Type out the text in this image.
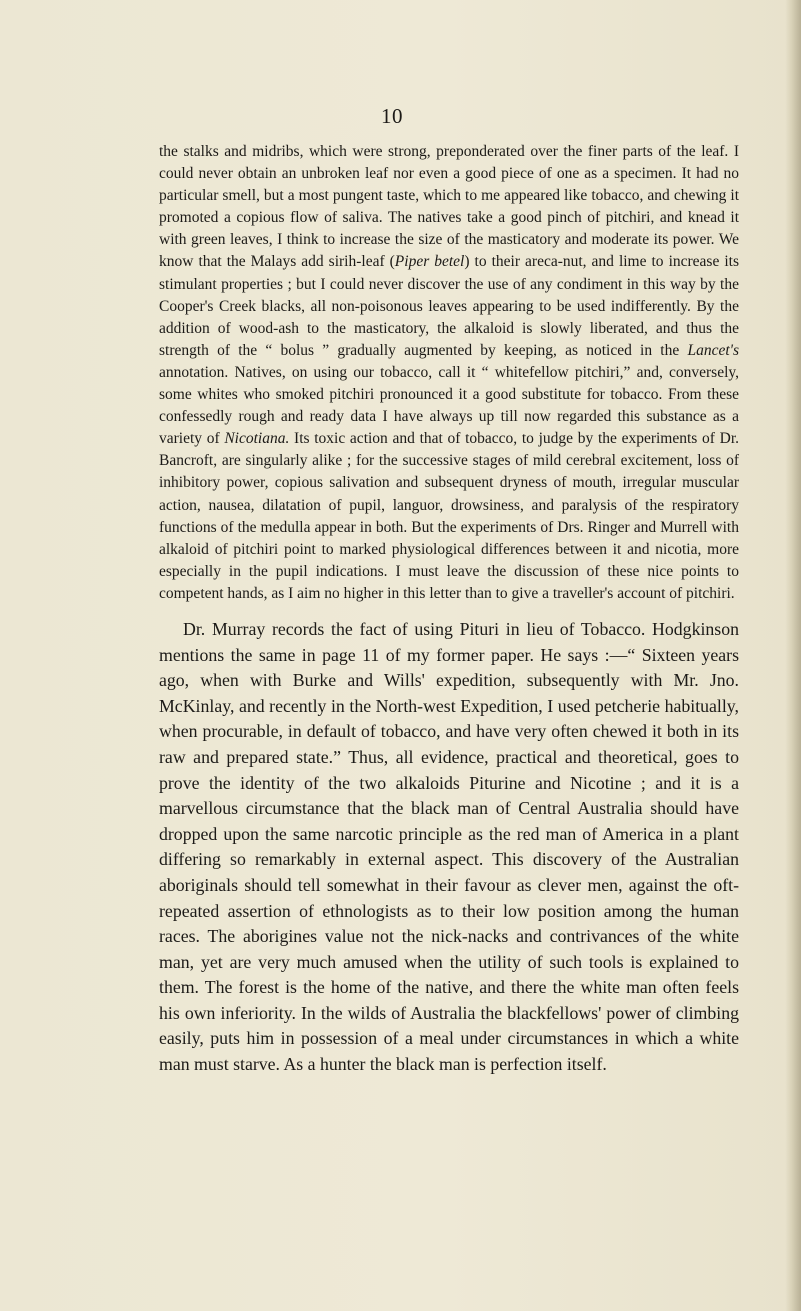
10

the stalks and midribs, which were strong, preponderated over the finer parts of the leaf. I could never obtain an unbroken leaf nor even a good piece of one as a specimen. It had no particular smell, but a most pungent taste, which to me appeared like tobacco, and chewing it promoted a copious flow of saliva. The natives take a good pinch of pitchiri, and knead it with green leaves, I think to increase the size of the masticatory and moderate its power. We know that the Malays add sirih-leaf (Piper betel) to their areca-nut, and lime to increase its stimulant properties ; but I could never discover the use of any condiment in this way by the Cooper's Creek blacks, all non-poisonous leaves appearing to be used indifferently. By the addition of wood-ash to the masticatory, the alkaloid is slowly liberated, and thus the strength of the “ bolus ” gradually augmented by keeping, as noticed in the Lancet's annotation. Natives, on using our tobacco, call it “ whitefellow pitchiri,” and, conversely, some whites who smoked pitchiri pronounced it a good substitute for tobacco. From these confessedly rough and ready data I have always up till now regarded this substance as a variety of Nicotiana. Its toxic action and that of tobacco, to judge by the experiments of Dr. Bancroft, are singularly alike ; for the successive stages of mild cerebral excitement, loss of inhibitory power, copious salivation and subsequent dryness of mouth, irregular muscular action, nausea, dilatation of pupil, languor, drowsiness, and paralysis of the respiratory functions of the medulla appear in both. But the experiments of Drs. Ringer and Murrell with alkaloid of pitchiri point to marked physiological differences between it and nicotia, more especially in the pupil indications. I must leave the discussion of these nice points to competent hands, as I aim no higher in this letter than to give a traveller's account of pitchiri.

Dr. Murray records the fact of using Pituri in lieu of Tobacco. Hodgkinson mentions the same in page 11 of my former paper. He says :—“ Sixteen years ago, when with Burke and Wills' expedition, subsequently with Mr. Jno. McKinlay, and recently in the North-west Expedition, I used petcherie habitually, when procurable, in default of tobacco, and have very often chewed it both in its raw and prepared state.” Thus, all evidence, practical and theoretical, goes to prove the identity of the two alkaloids Piturine and Nicotine ; and it is a marvellous circumstance that the black man of Central Australia should have dropped upon the same narcotic principle as the red man of America in a plant differing so remarkably in external aspect. This discovery of the Australian aboriginals should tell somewhat in their favour as clever men, against the oft-repeated assertion of ethnologists as to their low position among the human races. The aborigines value not the nick-nacks and contrivances of the white man, yet are very much amused when the utility of such tools is explained to them. The forest is the home of the native, and there the white man often feels his own inferiority. In the wilds of Australia the blackfellows' power of climbing easily, puts him in possession of a meal under circumstances in which a white man must starve. As a hunter the black man is perfection itself.
